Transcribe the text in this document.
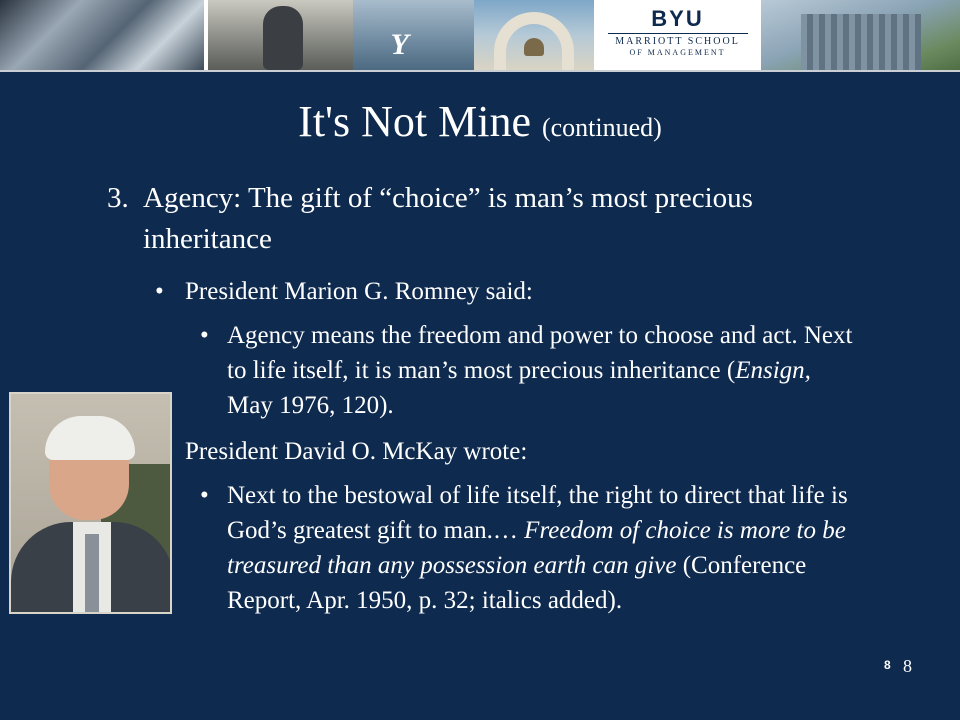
Y
BYU
MARRIOTT SCHOOL
OF MANAGEMENT
It's Not Mine (continued)
3. Agency: The gift of “choice” is man’s most precious inheritance
• President Marion G. Romney said:
• Agency means the freedom and power to choose and act. Next to life itself, it is man’s most precious inheritance (Ensign, May 1976, 120).
President David O. McKay wrote:
• Next to the bestowal of life itself, the right to direct that life is God’s greatest gift to man.… Freedom of choice is more to be treasured than any possession earth can give (Conference Report, Apr. 1950, p. 32; italics added).
8 8
